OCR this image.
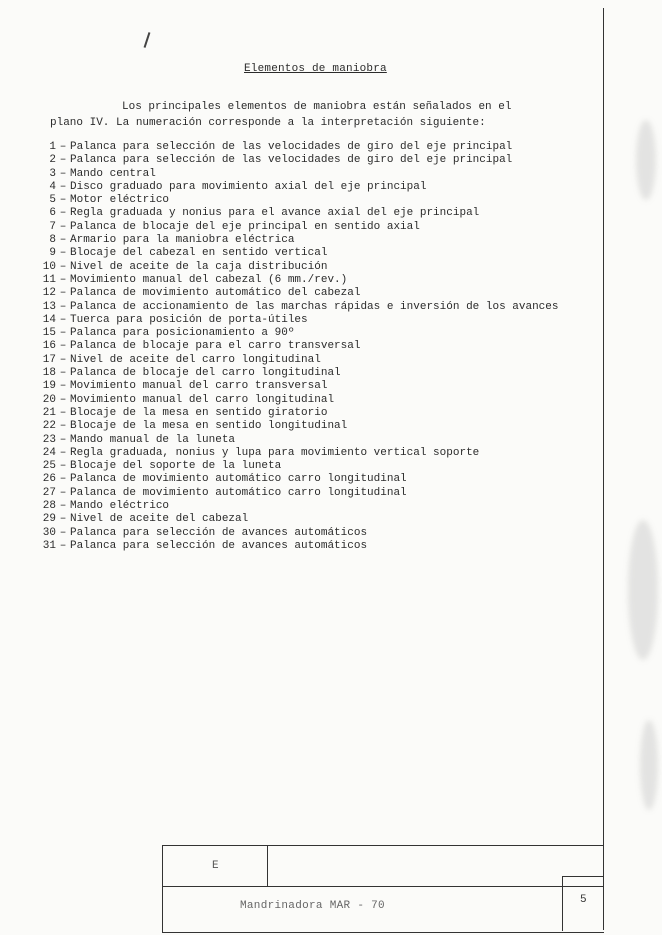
Elementos de maniobra
Los principales elementos de maniobra están señalados en el
plano IV. La numeración corresponde a la interpretación siguiente:
1 – Palanca para selección de las velocidades de giro del eje principal
2 – Palanca para selección de las velocidades de giro del eje principal
3 – Mando central
4 – Disco graduado para movimiento axial del eje principal
5 – Motor eléctrico
6 – Regla graduada y nonius para el avance axial del eje principal
7 – Palanca de blocaje del eje principal en sentido axial
8 – Armario para la maniobra eléctrica
9 – Blocaje del cabezal en sentido vertical
10 – Nivel de aceite de la caja distribución
11 – Movimiento manual del cabezal (6 mm./rev.)
12 – Palanca de movimiento automático del cabezal
13 – Palanca de accionamiento de las marchas rápidas e inversión de los avances
14 – Tuerca para posición de porta-útiles
15 – Palanca para posicionamiento a 90º
16 – Palanca de blocaje para el carro transversal
17 – Nivel de aceite del carro longitudinal
18 – Palanca de blocaje del carro longitudinal
19 – Movimiento manual del carro transversal
20 – Movimiento manual del carro longitudinal
21 – Blocaje de la mesa en sentido giratorio
22 – Blocaje de la mesa en sentido longitudinal
23 – Mando manual de la luneta
24 – Regla graduada, nonius y lupa para movimiento vertical soporte
25 – Blocaje del soporte de la luneta
26 – Palanca de movimiento automático carro longitudinal
27 – Palanca de movimiento automático carro longitudinal
28 – Mando eléctrico
29 – Nivel de aceite del cabezal
30 – Palanca para selección de avances automáticos
31 – Palanca para selección de avances automáticos
E
Mandrinadora MAR - 70	5
